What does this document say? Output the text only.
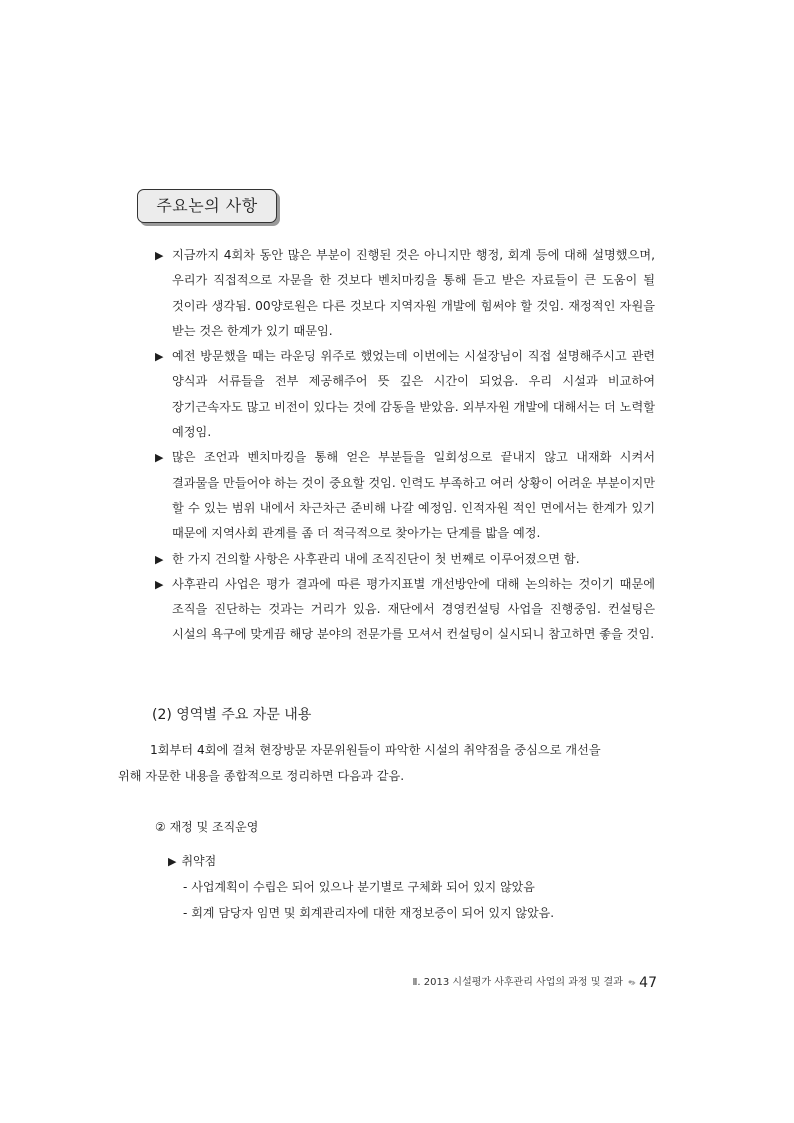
주요논의 사항
▶ 지금까지 4회차 동안 많은 부분이 진행된 것은 아니지만 행정, 회계 등에 대해 설명했으며, 우리가 직접적으로 자문을 한 것보다 벤치마킹을 통해 듣고 받은 자료들이 큰 도움이 될 것이라 생각됨. 00양로원은 다른 것보다 지역자원 개발에 힘써야 할 것임. 재정적인 자원을 받는 것은 한계가 있기 때문임.
▶ 예전 방문했을 때는 라운딩 위주로 했었는데 이번에는 시설장님이 직접 설명해주시고 관련 양식과 서류들을 전부 제공해주어 뜻 깊은 시간이 되었음. 우리 시설과 비교하여 장기근속자도 많고 비전이 있다는 것에 감동을 받았음. 외부자원 개발에 대해서는 더 노력할 예정임.
▶ 많은 조언과 벤치마킹을 통해 얻은 부분들을 일회성으로 끝내지 않고 내재화 시켜서 결과물을 만들어야 하는 것이 중요할 것임. 인력도 부족하고 여러 상황이 어려운 부분이지만 할 수 있는 범위 내에서 차근차근 준비해 나갈 예정임. 인적자원 적인 면에서는 한계가 있기 때문에 지역사회 관계를 좀 더 적극적으로 찾아가는 단계를 밟을 예정.
▶ 한 가지 건의할 사항은 사후관리 내에 조직진단이 첫 번째로 이루어졌으면 함.
▶ 사후관리 사업은 평가 결과에 따른 평가지표별 개선방안에 대해 논의하는 것이기 때문에 조직을 진단하는 것과는 거리가 있음. 재단에서 경영컨설팅 사업을 진행중임. 컨설팅은 시설의 욕구에 맞게끔 해당 분야의 전문가를 모셔서 컨설팅이 실시되니 참고하면 좋을 것임.
(2) 영역별 주요 자문 내용
1회부터 4회에 걸쳐 현장방문 자문위원들이 파악한 시설의 취약점을 중심으로 개선을
위해 자문한 내용을 종합적으로 정리하면 다음과 같음.
② 재정 및 조직운영
▶ 취약점
- 사업계획이 수립은 되어 있으나 분기별로 구체화 되어 있지 않았음
- 회계 담당자 임면 및 회계관리자에 대한 재정보증이 되어 있지 않았음.
Ⅱ. 2013 시설평가 사후관리 사업의 과정 및 결과 •›› 47
